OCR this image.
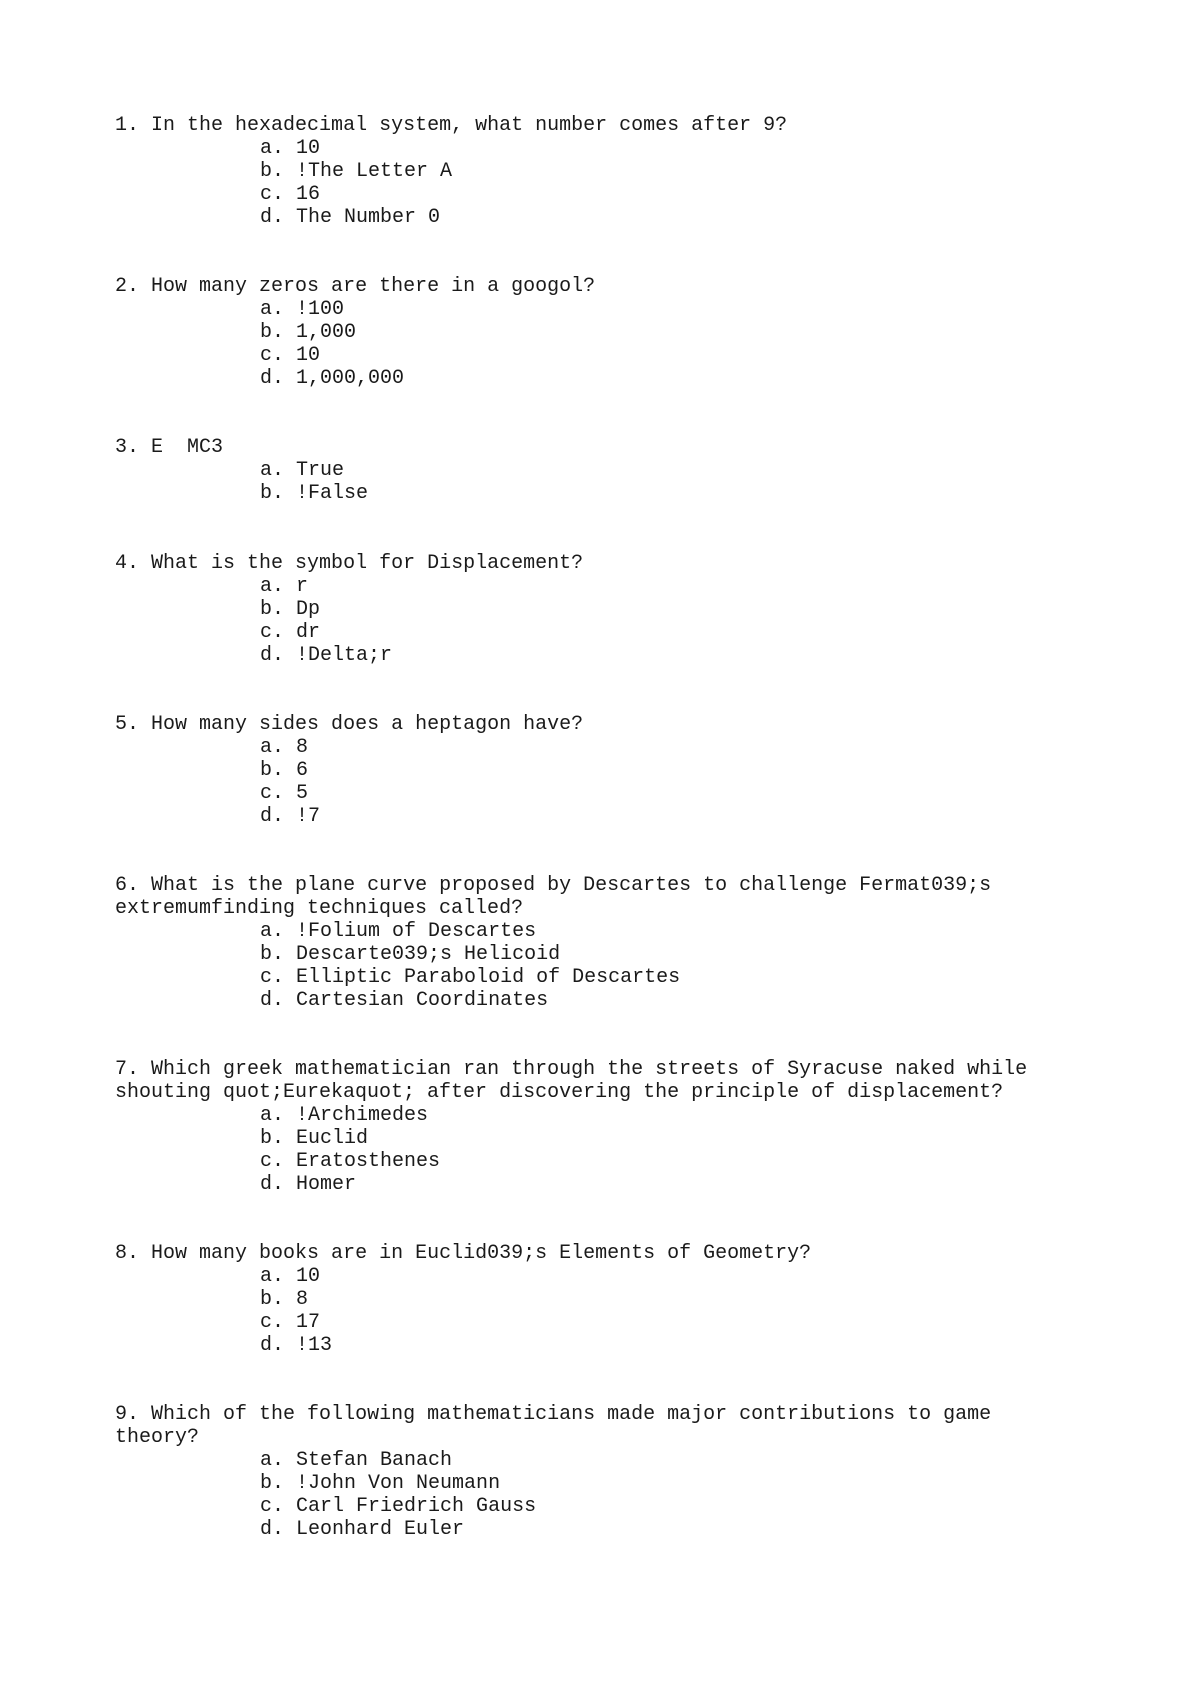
1. In the hexadecimal system, what number comes after 9?

a. 10
b. !The Letter A
c. 16
d. The Number 0

2. How many zeros are there in a googol?

a. !100
b. 1,000
c. 10
d. 1,000,000

3. E  MC3

a. True
b. !False

4. What is the symbol for Displacement?

a. r
b. Dp
c. dr
d. !Delta;r

5. How many sides does a heptagon have?

a. 8
b. 6
c. 5
d. !7

6. What is the plane curve proposed by Descartes to challenge Fermat039;s extremumfinding techniques called?

a. !Folium of Descartes
b. Descarte039;s Helicoid
c. Elliptic Paraboloid of Descartes
d. Cartesian Coordinates

7. Which greek mathematician ran through the streets of Syracuse naked while shouting quot;Eurekaquot; after discovering the principle of displacement?

a. !Archimedes
b. Euclid
c. Eratosthenes
d. Homer

8. How many books are in Euclid039;s Elements of Geometry?

a. 10
b. 8
c. 17
d. !13

9. Which of the following mathematicians made major contributions to game theory?

a. Stefan Banach
b. !John Von Neumann
c. Carl Friedrich Gauss
d. Leonhard Euler
